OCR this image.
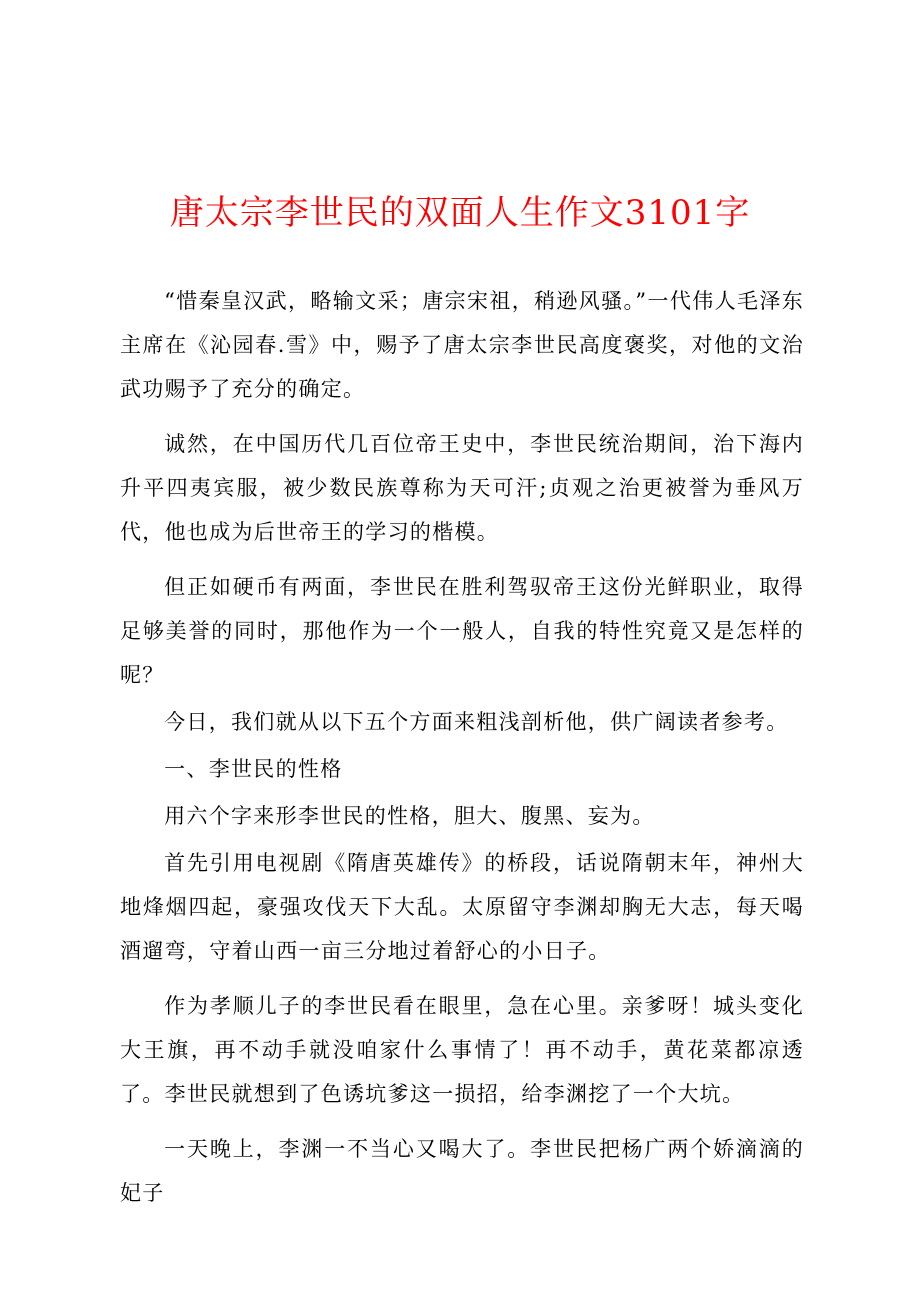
唐太宗李世民的双面人生作文3101字

“惜秦皇汉武，略输文采；唐宗宋祖，稍逊风骚。”一代伟人毛泽东主席在《沁园春.雪》中，赐予了唐太宗李世民高度褒奖，对他的文治武功赐予了充分的确定。

诚然，在中国历代几百位帝王史中，李世民统治期间，治下海内升平四夷宾服，被少数民族尊称为天可汗;贞观之治更被誉为垂风万代，他也成为后世帝王的学习的楷模。

但正如硬币有两面，李世民在胜利驾驭帝王这份光鲜职业，取得足够美誉的同时，那他作为一个一般人，自我的特性究竟又是怎样的呢？

今日，我们就从以下五个方面来粗浅剖析他，供广阔读者参考。

一、李世民的性格

用六个字来形李世民的性格，胆大、腹黑、妄为。

首先引用电视剧《隋唐英雄传》的桥段，话说隋朝末年，神州大地烽烟四起，豪强攻伐天下大乱。太原留守李渊却胸无大志，每天喝酒遛弯，守着山西一亩三分地过着舒心的小日子。

作为孝顺儿子的李世民看在眼里，急在心里。亲爹呀！城头变化大王旗，再不动手就没咱家什么事情了！再不动手，黄花菜都凉透了。李世民就想到了色诱坑爹这一损招，给李渊挖了一个大坑。

一天晚上，李渊一不当心又喝大了。李世民把杨广两个娇滴滴的妃子
